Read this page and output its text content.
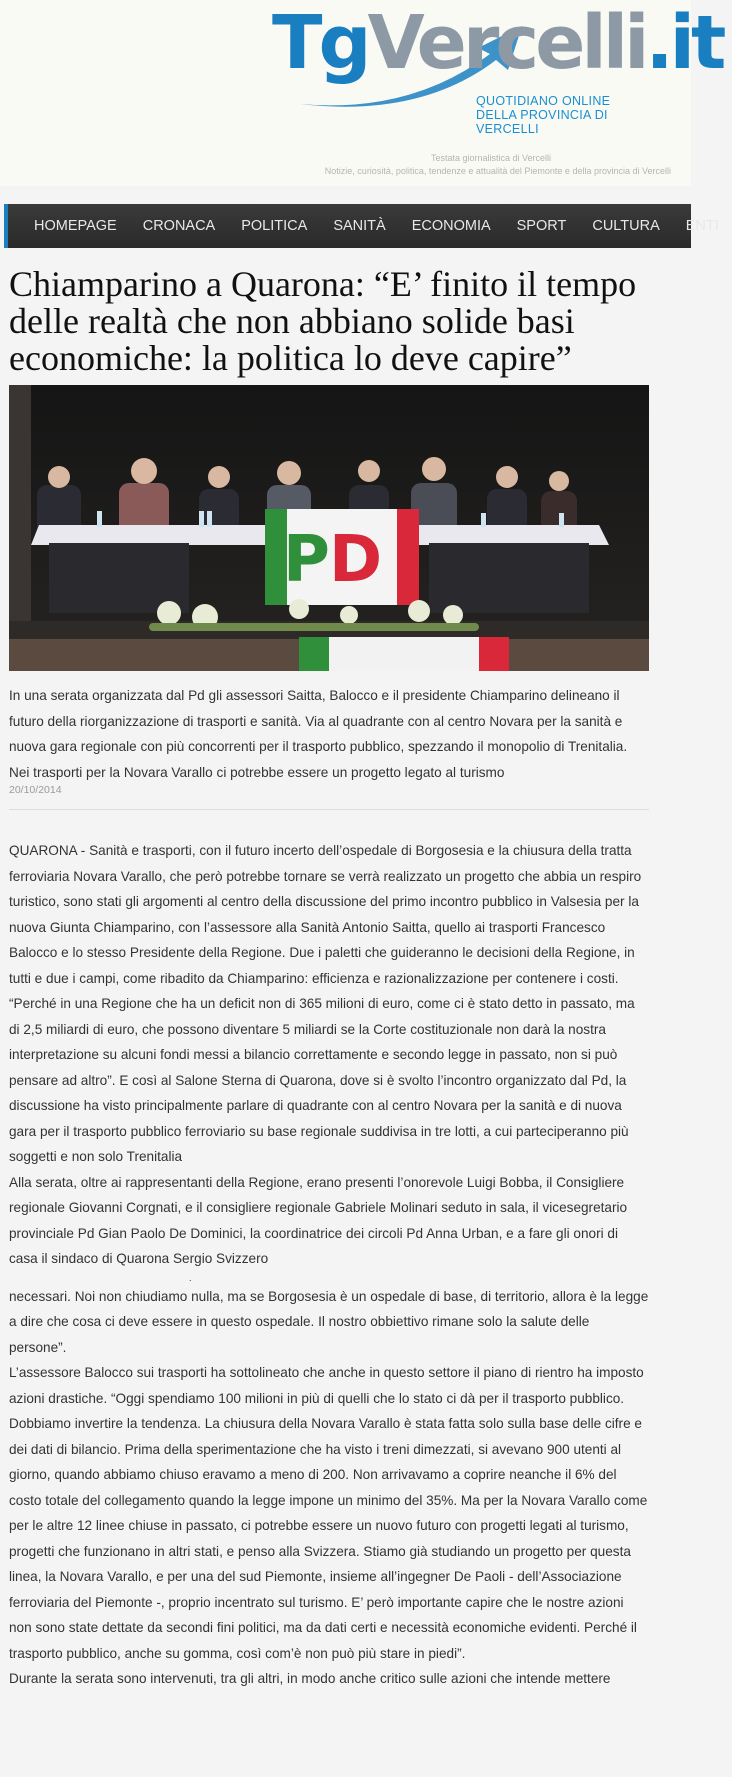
TgVercelli.it
QUOTIDIANO ONLINE
DELLA PROVINCIA DI VERCELLI
Testata giornalistica di Vercelli
Notizie, curiosità, politica, tendenze e attualità del Piemonte e della provincia di Vercelli
HOMEPAGE CRONACA POLITICA SANITÀ ECONOMIA SPORT CULTURA ENTI
Chiamparino a Quarona: “E’ finito il tempo delle realtà che non abbiano solide basi economiche: la politica lo deve capire”
P D
In una serata organizzata dal Pd gli assessori Saitta, Balocco e il presidente Chiamparino delineano il futuro della riorganizzazione di trasporti e sanità. Via al quadrante con al centro Novara per la sanità e nuova gara regionale con più concorrenti per il trasporto pubblico, spezzando il monopolio di Trenitalia. Nei trasporti per la Novara Varallo ci potrebbe essere un progetto legato al turismo
20/10/2014

QUARONA - Sanità e trasporti, con il futuro incerto dell’ospedale di Borgosesia e la chiusura della tratta ferroviaria Novara Varallo, che però potrebbe tornare se verrà realizzato un progetto che abbia un respiro turistico, sono stati gli argomenti al centro della discussione del primo incontro pubblico in Valsesia per la nuova Giunta Chiamparino, con l’assessore alla Sanità Antonio Saitta, quello ai trasporti Francesco Balocco e lo stesso Presidente della Regione. Due i paletti che guideranno le decisioni della Regione, in tutti e due i campi, come ribadito da Chiamparino: efficienza e razionalizzazione per contenere i costi. “Perché in una Regione che ha un deficit non di 365 milioni di euro, come ci è stato detto in passato, ma di 2,5 miliardi di euro, che possono diventare 5 miliardi se la Corte costituzionale non darà la nostra interpretazione su alcuni fondi messi a bilancio correttamente e secondo legge in passato, non si può pensare ad altro”. E così al Salone Sterna di Quarona, dove si è svolto l’incontro organizzato dal Pd, la discussione ha visto principalmente parlare di quadrante con al centro Novara per la sanità e di nuova gara per il trasporto pubblico ferroviario su base regionale suddivisa in tre lotti, a cui parteciperanno più soggetti e non solo Trenitalia

Alla serata, oltre ai rappresentanti della Regione, erano presenti l’onorevole Luigi Bobba, il Consigliere regionale Giovanni Corgnati, e il consigliere regionale Gabriele Molinari seduto in sala, il vicesegretario provinciale Pd Gian Paolo De Dominici, la coordinatrice dei circoli Pd Anna Urban, e a fare gli onori di casa il sindaco di Quarona Sergio Svizzero

.

necessari. Noi non chiudiamo nulla, ma se Borgosesia è un ospedale di base, di territorio, allora è la legge a dire che cosa ci deve essere in questo ospedale. Il nostro obbiettivo rimane solo la salute delle persone”.

L’assessore Balocco sui trasporti ha sottolineato che anche in questo settore il piano di rientro ha imposto azioni drastiche. “Oggi spendiamo 100 milioni in più di quelli che lo stato ci dà per il trasporto pubblico. Dobbiamo invertire la tendenza. La chiusura della Novara Varallo è stata fatta solo sulla base delle cifre e dei dati di bilancio. Prima della sperimentazione che ha visto i treni dimezzati, si avevano 900 utenti al giorno, quando abbiamo chiuso eravamo a meno di 200. Non arrivavamo a coprire neanche il 6% del costo totale del collegamento quando la legge impone un minimo del 35%. Ma per la Novara Varallo come per le altre 12 linee chiuse in passato, ci potrebbe essere un nuovo futuro con progetti legati al turismo, progetti che funzionano in altri stati, e penso alla Svizzera. Stiamo già studiando un progetto per questa linea, la Novara Varallo, e per una del sud Piemonte, insieme all’ingegner De Paoli - dell’Associazione ferroviaria del Piemonte -, proprio incentrato sul turismo. E’ però importante capire che le nostre azioni non sono state dettate da secondi fini politici, ma da dati certi e necessità economiche evidenti. Perché il trasporto pubblico, anche su gomma, così com’è non può più stare in piedi”.

Durante la serata sono intervenuti, tra gli altri, in modo anche critico sulle azioni che intende mettere
